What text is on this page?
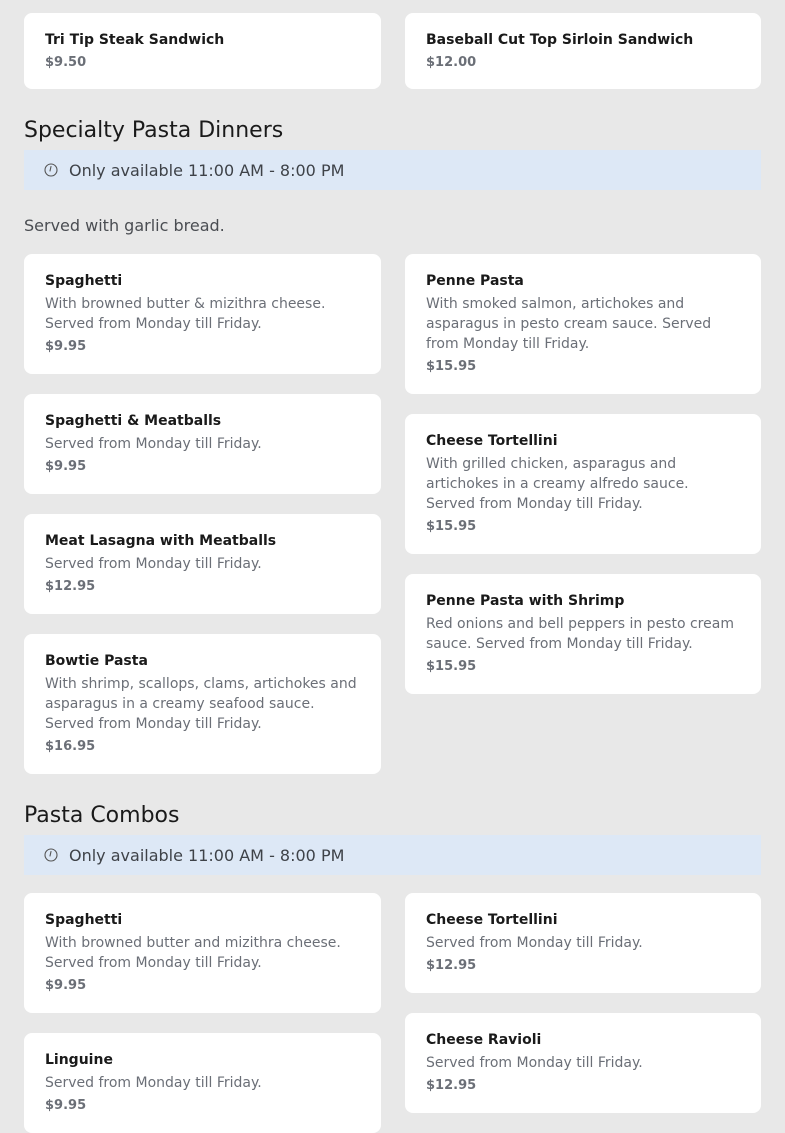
Tri Tip Steak Sandwich
$9.50
Baseball Cut Top Sirloin Sandwich
$12.00
Specialty Pasta Dinners
Only available 11:00 AM - 8:00 PM
Served with garlic bread.
Spaghetti
With browned butter & mizithra cheese. Served from Monday till Friday.
$9.95
Spaghetti & Meatballs
Served from Monday till Friday.
$9.95
Meat Lasagna with Meatballs
Served from Monday till Friday.
$12.95
Bowtie Pasta
With shrimp, scallops, clams, artichokes and asparagus in a creamy seafood sauce. Served from Monday till Friday.
$16.95
Penne Pasta
With smoked salmon, artichokes and asparagus in pesto cream sauce. Served from Monday till Friday.
$15.95
Cheese Tortellini
With grilled chicken, asparagus and artichokes in a creamy alfredo sauce. Served from Monday till Friday.
$15.95
Penne Pasta with Shrimp
Red onions and bell peppers in pesto cream sauce. Served from Monday till Friday.
$15.95
Pasta Combos
Only available 11:00 AM - 8:00 PM
Spaghetti
With browned butter and mizithra cheese. Served from Monday till Friday.
$9.95
Cheese Tortellini
Served from Monday till Friday.
$12.95
Linguine
Served from Monday till Friday.
$9.95
Cheese Ravioli
Served from Monday till Friday.
$12.95
